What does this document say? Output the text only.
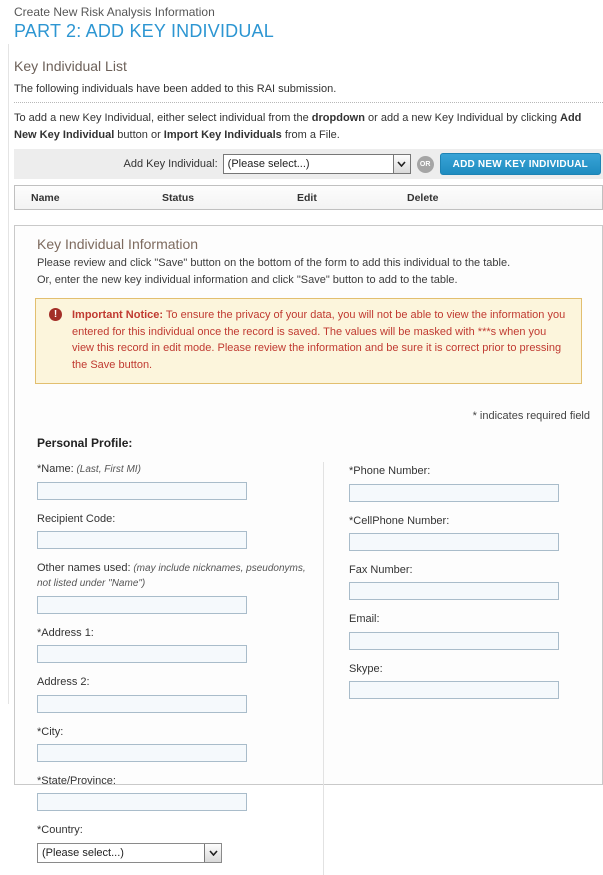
Create New Risk Analysis Information
PART 2: ADD KEY INDIVIDUAL
Key Individual List
The following individuals have been added to this RAI submission.
To add a new Key Individual, either select individual from the dropdown or add a new Key Individual by clicking Add New Key Individual button or Import Key Individuals from a File.
Add Key Individual: (Please select...)	OR	ADD NEW KEY INDIVIDUAL
Name	Status	Edit	Delete
Key Individual Information
Please review and click "Save" button on the bottom of the form to add this individual to the table.
Or, enter the new key individual information and click "Save" button to add to the table.
!	Important Notice: To ensure the privacy of your data, you will not be able to view the information you entered for this individual once the record is saved. The values will be masked with ***s when you view this record in edit mode. Please review the information and be sure it is correct prior to pressing the Save button.
* indicates required field
Personal Profile:
*Name: (Last, First MI)
Recipient Code:
Other names used: (may include nicknames, pseudonyms, not listed under "Name")
*Address 1:
Address 2:
*City:
*State/Province:
*Country:
(Please select...)
*Phone Number:
*CellPhone Number:
Fax Number:
Email:
Skype:
